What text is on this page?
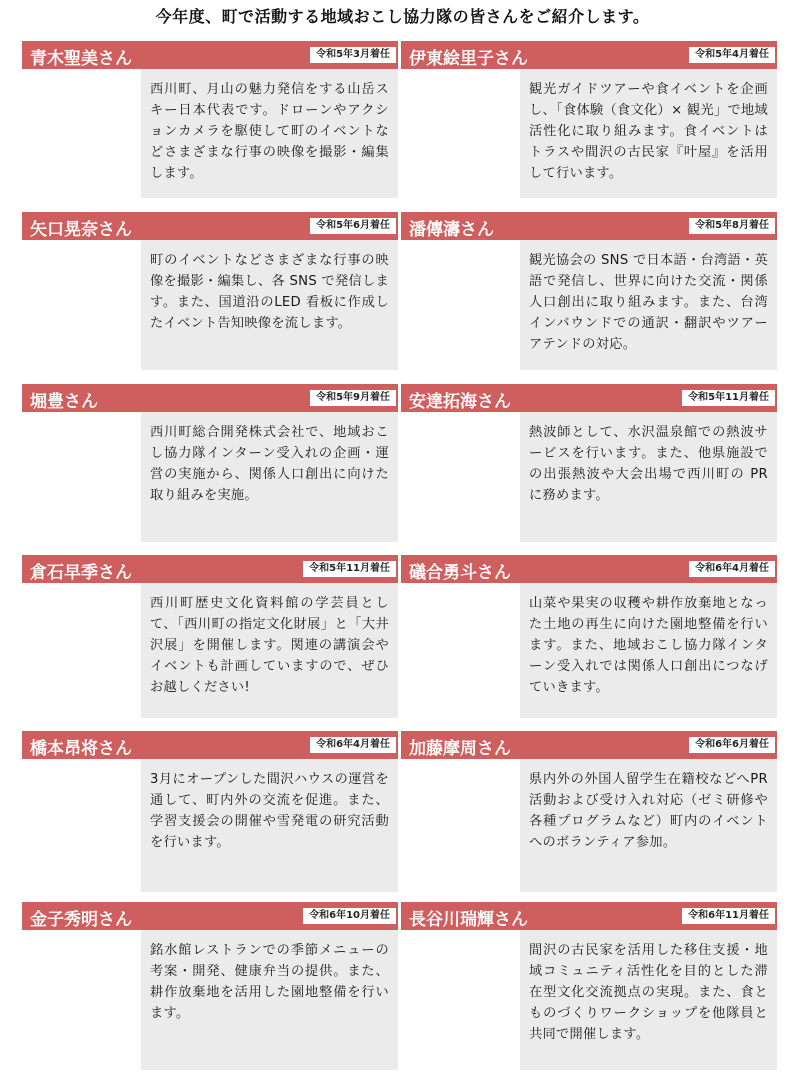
今年度、町で活動する地域おこし協力隊の皆さんをご紹介します。
青木聖美さん	令和5年3月着任
西川町、月山の魅力発信をする山岳スキー日本代表です。ドローンやアクションカメラを駆使して町のイベントなどさまざまな行事の映像を撮影・編集します。
伊東絵里子さん	令和5年4月着任
観光ガイドツアーや食イベントを企画し、「食体験（食文化）× 観光」で地域活性化に取り組みます。食イベントはトラスや間沢の古民家『叶屋』を活用して行います。
矢口晃奈さん	令和5年6月着任
町のイベントなどさまざまな行事の映像を撮影・編集し、各 SNS で発信します。また、国道沿のLED 看板に作成したイベント告知映像を流します。
潘傳濤さん	令和5年8月着任
観光協会の SNS で日本語・台湾語・英語で発信し、世界に向けた交流・関係人口創出に取り組みます。また、台湾インバウンドでの通訳・翻訳やツアーアテンドの対応。
堀豊さん	令和5年9月着任
西川町総合開発株式会社で、地域おこし協力隊インターン受入れの企画・運営の実施から、関係人口創出に向けた取り組みを実施。
安達拓海さん	令和5年11月着任
熱波師として、水沢温泉館での熱波サービスを行います。また、他県施設での出張熱波や大会出場で西川町の PR に務めます。
倉石早季さん	令和5年11月着任
西川町歴史文化資料館の学芸員として、「西川町の指定文化財展」と「大井沢展」を開催します。関連の講演会やイベントも計画していますので、ぜひお越しください!
礒合勇斗さん	令和6年4月着任
山菜や果実の収穫や耕作放棄地となった土地の再生に向けた園地整備を行います。また、地域おこし協力隊インターン受入れでは関係人口創出につなげていきます。
橋本昂将さん	令和6年4月着任
3月にオープンした間沢ハウスの運営を通して、町内外の交流を促進。また、学習支援会の開催や雪発電の研究活動を行います。
加藤摩周さん	令和6年6月着任
県内外の外国人留学生在籍校などへPR 活動および受け入れ対応（ゼミ研修や各種プログラムなど）町内のイベントへのボランティア参加。
金子秀明さん	令和6年10月着任
銘水館レストランでの季節メニューの考案・開発、健康弁当の提供。また、耕作放棄地を活用した園地整備を行います。
長谷川瑞輝さん	令和6年11月着任
間沢の古民家を活用した移住支援・地域コミュニティ活性化を目的とした滞在型文化交流拠点の実現。また、食とものづくりワークショップを他隊員と共同で開催します。
